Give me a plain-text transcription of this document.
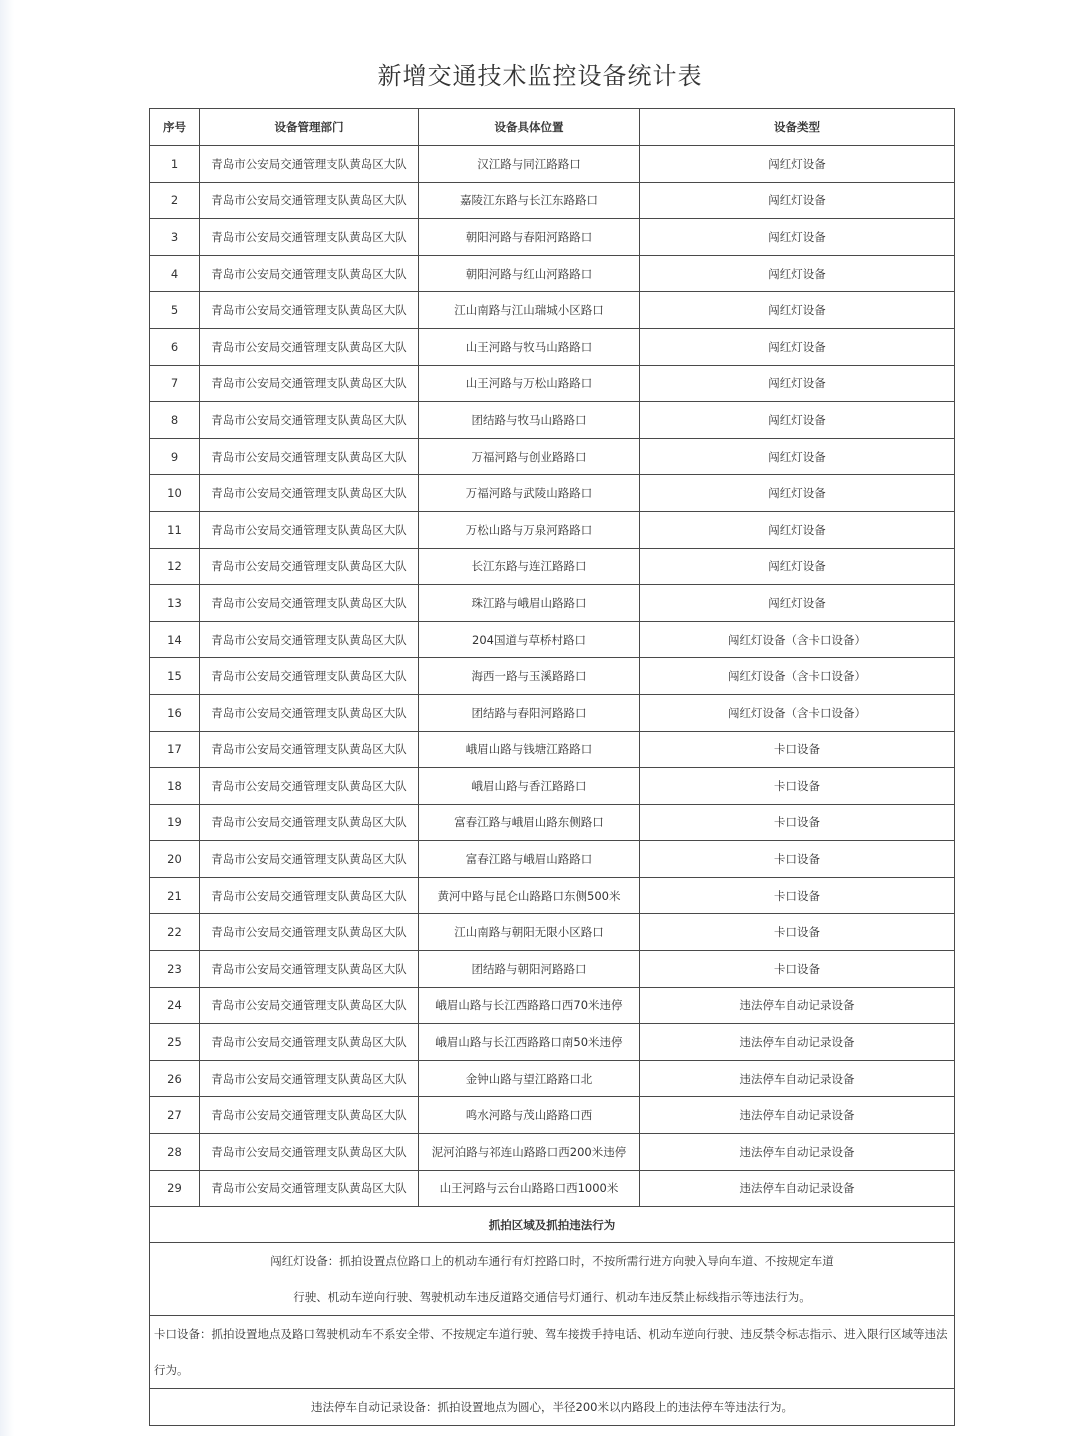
新增交通技术监控设备统计表
序号	设备管理部门	设备具体位置	设备类型
1	青岛市公安局交通管理支队黄岛区大队	汉江路与同江路路口	闯红灯设备
2	青岛市公安局交通管理支队黄岛区大队	嘉陵江东路与长江东路路口	闯红灯设备
3	青岛市公安局交通管理支队黄岛区大队	朝阳河路与春阳河路路口	闯红灯设备
4	青岛市公安局交通管理支队黄岛区大队	朝阳河路与红山河路路口	闯红灯设备
5	青岛市公安局交通管理支队黄岛区大队	江山南路与江山瑞城小区路口	闯红灯设备
6	青岛市公安局交通管理支队黄岛区大队	山王河路与牧马山路路口	闯红灯设备
7	青岛市公安局交通管理支队黄岛区大队	山王河路与万松山路路口	闯红灯设备
8	青岛市公安局交通管理支队黄岛区大队	团结路与牧马山路路口	闯红灯设备
9	青岛市公安局交通管理支队黄岛区大队	万福河路与创业路路口	闯红灯设备
10	青岛市公安局交通管理支队黄岛区大队	万福河路与武陵山路路口	闯红灯设备
11	青岛市公安局交通管理支队黄岛区大队	万松山路与万泉河路路口	闯红灯设备
12	青岛市公安局交通管理支队黄岛区大队	长江东路与连江路路口	闯红灯设备
13	青岛市公安局交通管理支队黄岛区大队	珠江路与峨眉山路路口	闯红灯设备
14	青岛市公安局交通管理支队黄岛区大队	204国道与草桥村路口	闯红灯设备（含卡口设备）
15	青岛市公安局交通管理支队黄岛区大队	海西一路与玉溪路路口	闯红灯设备（含卡口设备）
16	青岛市公安局交通管理支队黄岛区大队	团结路与春阳河路路口	闯红灯设备（含卡口设备）
17	青岛市公安局交通管理支队黄岛区大队	峨眉山路与钱塘江路路口	卡口设备
18	青岛市公安局交通管理支队黄岛区大队	峨眉山路与香江路路口	卡口设备
19	青岛市公安局交通管理支队黄岛区大队	富春江路与峨眉山路东侧路口	卡口设备
20	青岛市公安局交通管理支队黄岛区大队	富春江路与峨眉山路路口	卡口设备
21	青岛市公安局交通管理支队黄岛区大队	黄河中路与昆仑山路路口东侧500米	卡口设备
22	青岛市公安局交通管理支队黄岛区大队	江山南路与朝阳无限小区路口	卡口设备
23	青岛市公安局交通管理支队黄岛区大队	团结路与朝阳河路路口	卡口设备
24	青岛市公安局交通管理支队黄岛区大队	峨眉山路与长江西路路口西70米违停	违法停车自动记录设备
25	青岛市公安局交通管理支队黄岛区大队	峨眉山路与长江西路路口南50米违停	违法停车自动记录设备
26	青岛市公安局交通管理支队黄岛区大队	金钟山路与望江路路口北	违法停车自动记录设备
27	青岛市公安局交通管理支队黄岛区大队	鸣水河路与茂山路路口西	违法停车自动记录设备
28	青岛市公安局交通管理支队黄岛区大队	泥河泊路与祁连山路路口西200米违停	违法停车自动记录设备
29	青岛市公安局交通管理支队黄岛区大队	山王河路与云台山路路口西1000米	违法停车自动记录设备
抓拍区域及抓拍违法行为			
闯红灯设备：抓拍设置点位路口上的机动车通行有灯控路口时，不按所需行进方向驶入导向车道、不按规定车道行驶、机动车逆向行驶、驾驶机动车违反道路交通信号灯通行、机动车违反禁止标线指示等违法行为。			
卡口设备：抓拍设置地点及路口驾驶机动车不系安全带、不按规定车道行驶、驾车接拨手持电话、机动车逆向行驶、违反禁令标志指示、进入限行区域等违法行为。			
违法停车自动记录设备：抓拍设置地点为圆心，半径200米以内路段上的违法停车等违法行为。			
